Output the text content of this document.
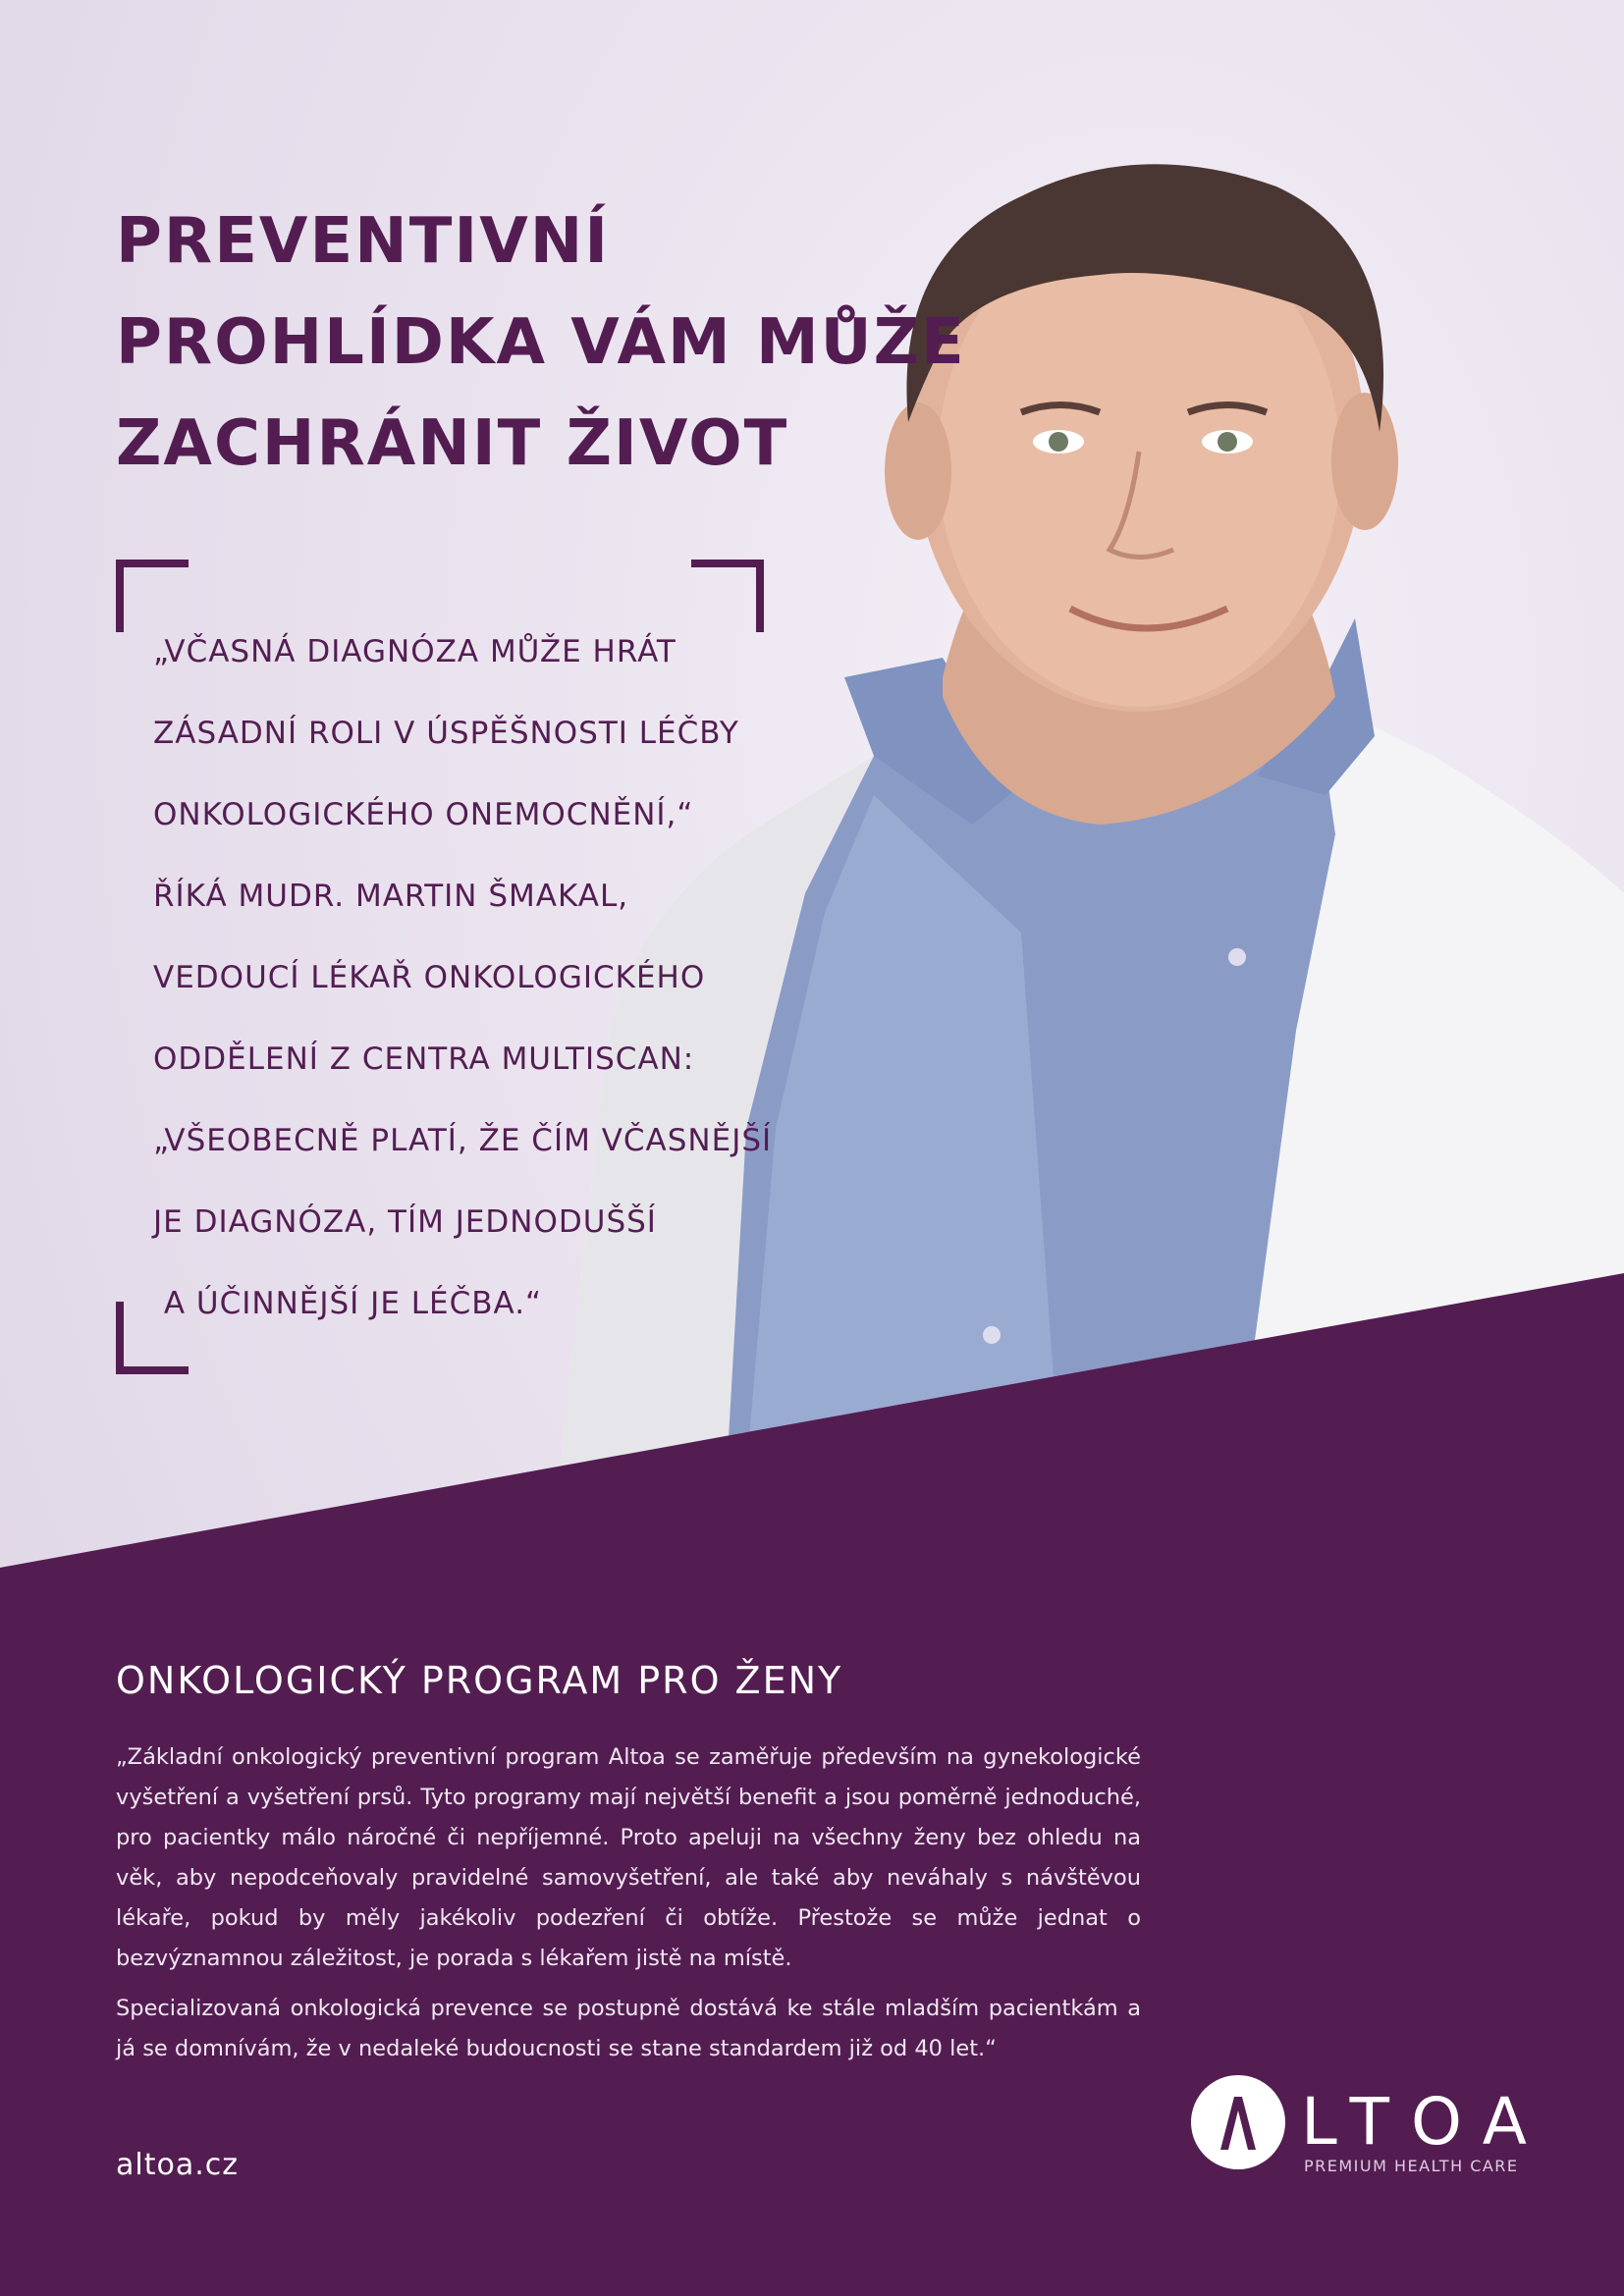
PREVENTIVNÍ
PROHLÍDKA VÁM MŮŽE
ZACHRÁNIT ŽIVOT
„VČASNÁ DIAGNÓZA MŮŽE HRÁT
ZÁSADNÍ ROLI V ÚSPĚŠNOSTI LÉČBY
ONKOLOGICKÉHO ONEMOCNĚNÍ,“
ŘÍKÁ MUDR. MARTIN ŠMAKAL,
VEDOUCÍ LÉKAŘ ONKOLOGICKÉHO
ODDĚLENÍ Z CENTRA MULTISCAN:
„VŠEOBECNĚ PLATÍ, ŽE ČÍM VČASNĚJŠÍ
JE DIAGNÓZA, TÍM JEDNODUŠŠÍ
A ÚČINNĚJŠÍ JE LÉČBA.“
ONKOLOGICKÝ PROGRAM PRO ŽENY

„Základní onkologický preventivní program Altoa se zaměřuje především na gynekologické vyšetření a vyšetření prsů. Tyto programy mají největší benefit a jsou poměrně jednoduché, pro pacientky málo náročné či nepříjemné. Proto apeluji na všechny ženy bez ohledu na věk, aby nepodceňovaly pravidelné samovyšetření, ale také aby neváhaly s návštěvou lékaře, pokud by měly jakékoliv podezření či obtíže. Přestože se může jednat o bezvýznamnou záležitost, je porada s lékařem jistě na místě.

Specializovaná onkologická prevence se postupně dostává ke stále mladším pacientkám a já se domnívám, že v nedaleké budoucnosti se stane standardem již od 40 let.“

altoa.cz
LTOA
PREMIUM HEALTH CARE
